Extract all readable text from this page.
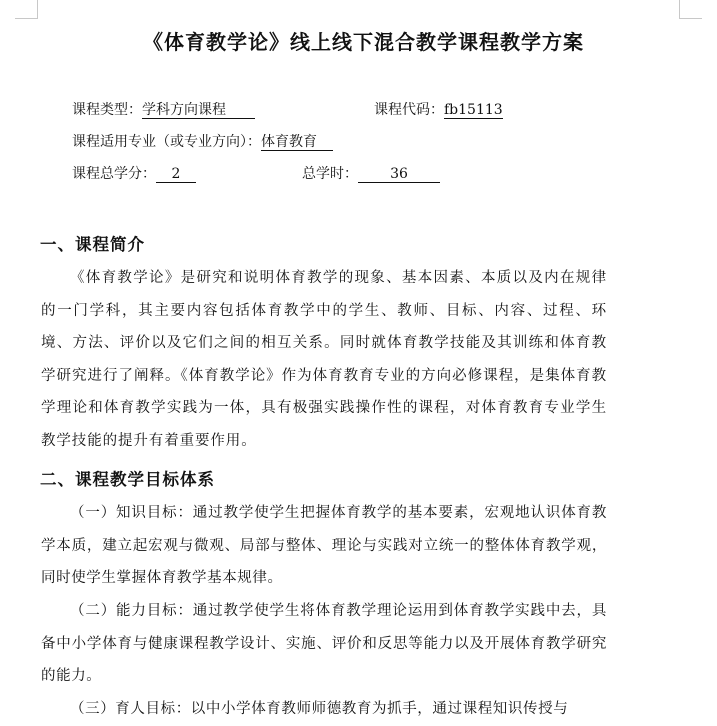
《体育教学论》线上线下混合教学课程教学方案
课程类型：学科方向课程	课程代码：fb15113
课程适用专业（或专业方向）：体育教育
课程总学分： 2	总学时： 36
一、课程简介

《体育教学论》是研究和说明体育教学的现象、基本因素、本质以及内在规律的一门学科，其主要内容包括体育教学中的学生、教师、目标、内容、过程、环境、方法、评价以及它们之间的相互关系。同时就体育教学技能及其训练和体育教学研究进行了阐释。《体育教学论》作为体育教育专业的方向必修课程，是集体育教学理论和体育教学实践为一体，具有极强实践操作性的课程，对体育教育专业学生教学技能的提升有着重要作用。

二、课程教学目标体系

（一）知识目标：通过教学使学生把握体育教学的基本要素，宏观地认识体育教学本质，建立起宏观与微观、局部与整体、理论与实践对立统一的整体体育教学观，同时使学生掌握体育教学基本规律。

（二）能力目标：通过教学使学生将体育教学理论运用到体育教学实践中去，具备中小学体育与健康课程教学设计、实施、评价和反思等能力以及开展体育教学研究的能力。

（三）育人目标：以中小学体育教师师德教育为抓手，通过课程知识传授与
